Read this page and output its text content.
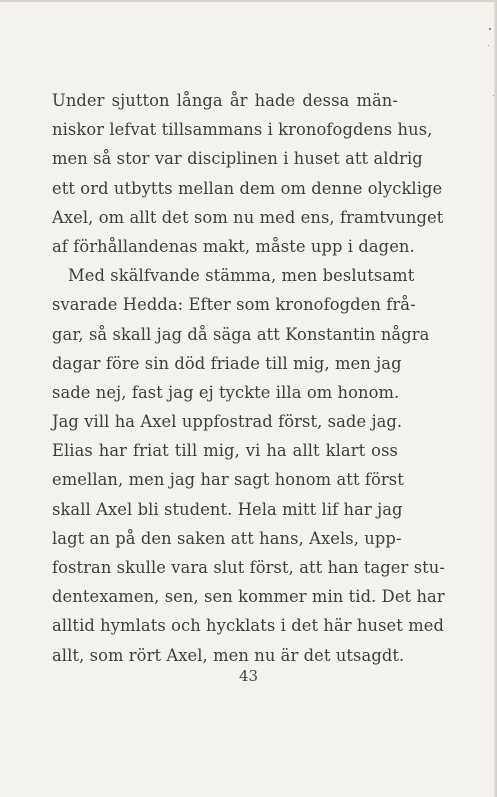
Under sjutton långa år hade dessa män-
niskor lefvat tillsammans i kronofogdens hus,
men så stor var disciplinen i huset att aldrig
ett ord utbytts mellan dem om denne olycklige
Axel, om allt det som nu med ens, framtvunget
af förhållandenas makt, måste upp i dagen.
Med skälfvande stämma, men beslutsamt
svarade Hedda: Efter som kronofogden frå-
gar, så skall jag då säga att Konstantin några
dagar före sin död friade till mig, men jag
sade nej, fast jag ej tyckte illa om honom.
Jag vill ha Axel uppfostrad först, sade jag.
Elias har friat till mig, vi ha allt klart oss
emellan, men jag har sagt honom att först
skall Axel bli student. Hela mitt lif har jag
lagt an på den saken att hans, Axels, upp-
fostran skulle vara slut först, att han tager stu-
dentexamen, sen, sen kommer min tid. Det har
alltid hymlats och hycklats i det här huset med
allt, som rört Axel, men nu är det utsagdt.
43
